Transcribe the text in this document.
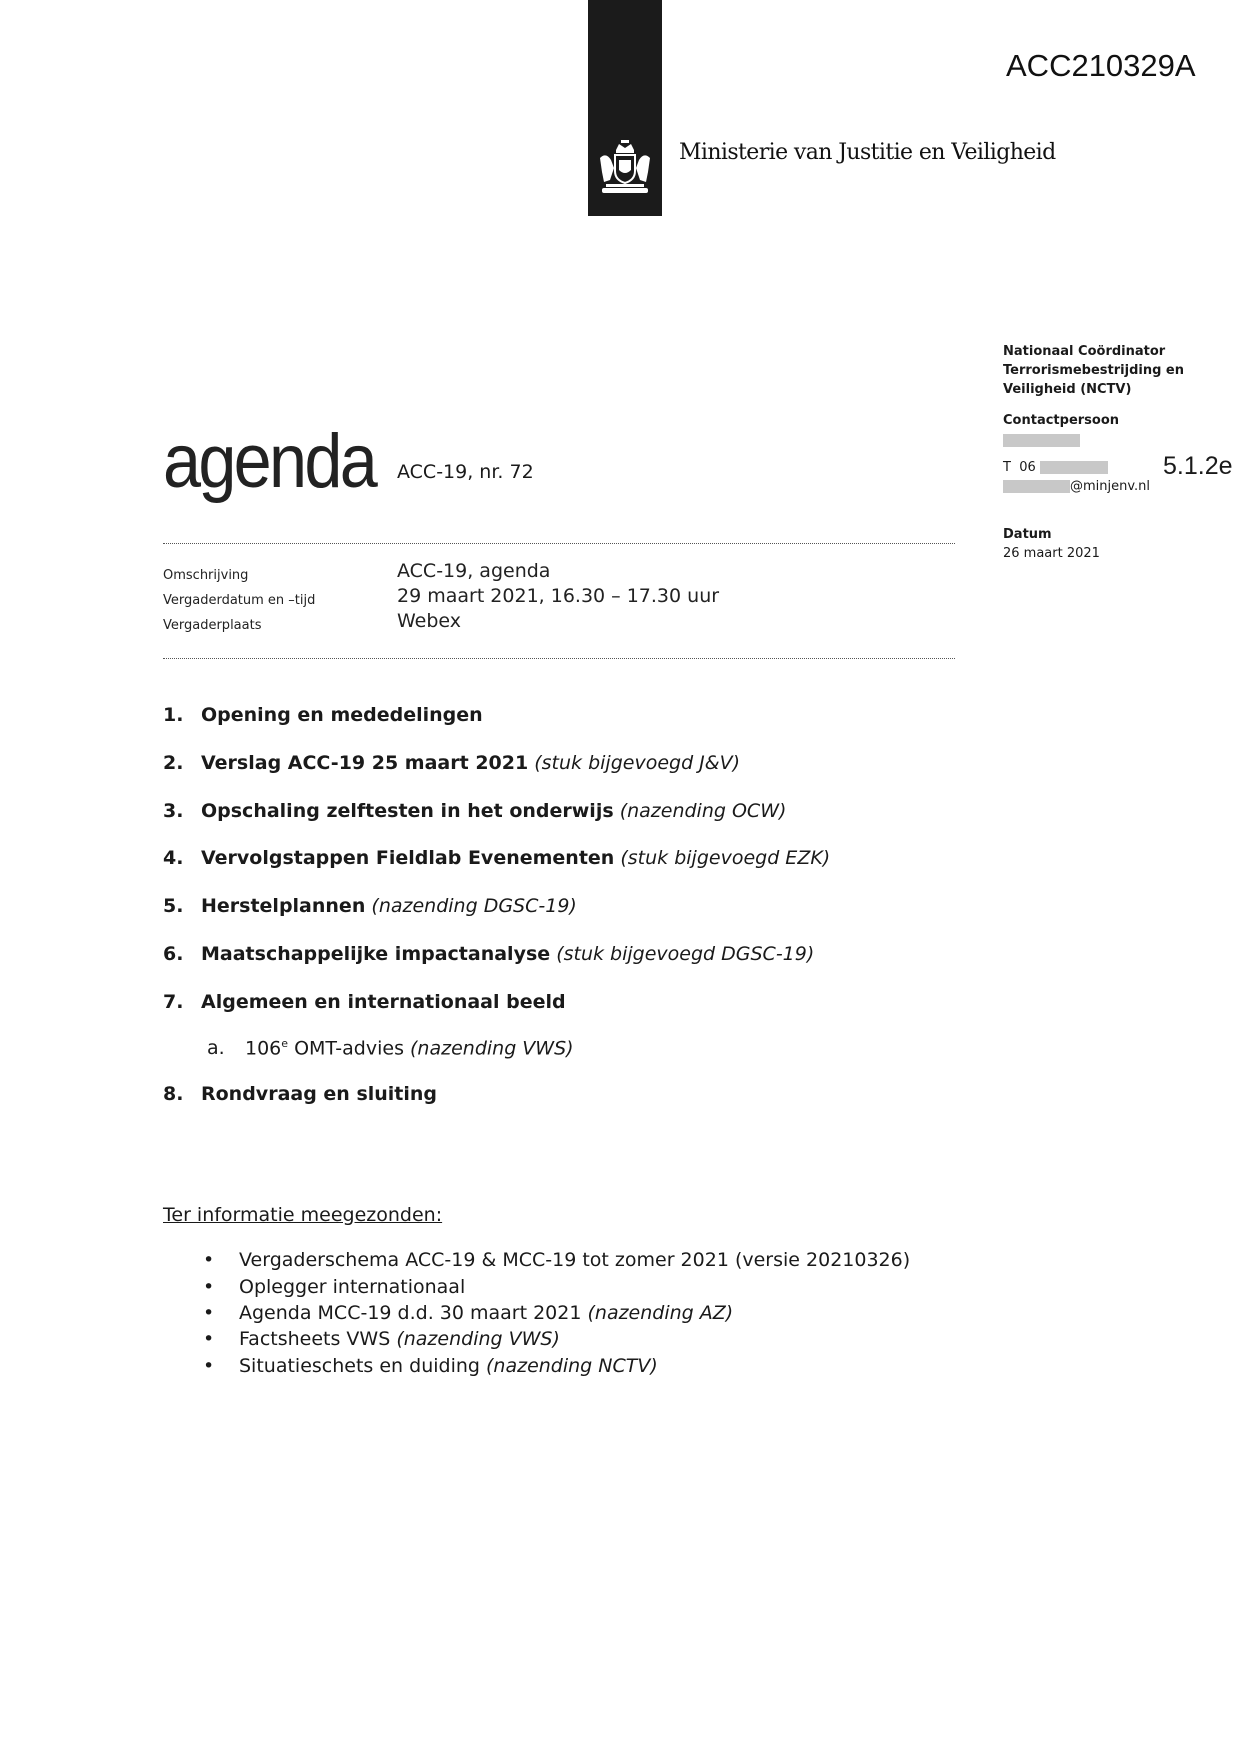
Ministerie van Justitie en Veiligheid
ACC210329A
Nationaal Coördinator
Terrorismebestrijding en
Veiligheid (NCTV)
Contactpersoon
T  06
@minjenv.nl
5.1.2e
Datum
26 maart 2021
agenda ACC-19, nr. 72
Omschrijving	ACC-19, agenda
Vergaderdatum en –tijd	29 maart 2021, 16.30 – 17.30 uur
Vergaderplaats	Webex
1. Opening en mededelingen
2. Verslag ACC-19 25 maart 2021 (stuk bijgevoegd J&V)
3. Opschaling zelftesten in het onderwijs (nazending OCW)
4. Vervolgstappen Fieldlab Evenementen (stuk bijgevoegd EZK)
5. Herstelplannen (nazending DGSC-19)
6. Maatschappelijke impactanalyse (stuk bijgevoegd DGSC-19)
7. Algemeen en internationaal beeld
a. 106e OMT-advies (nazending VWS)
8. Rondvraag en sluiting
Ter informatie meegezonden:
• Vergaderschema ACC-19 & MCC-19 tot zomer 2021 (versie 20210326)
• Oplegger internationaal
• Agenda MCC-19 d.d. 30 maart 2021 (nazending AZ)
• Factsheets VWS (nazending VWS)
• Situatieschets en duiding (nazending NCTV)
